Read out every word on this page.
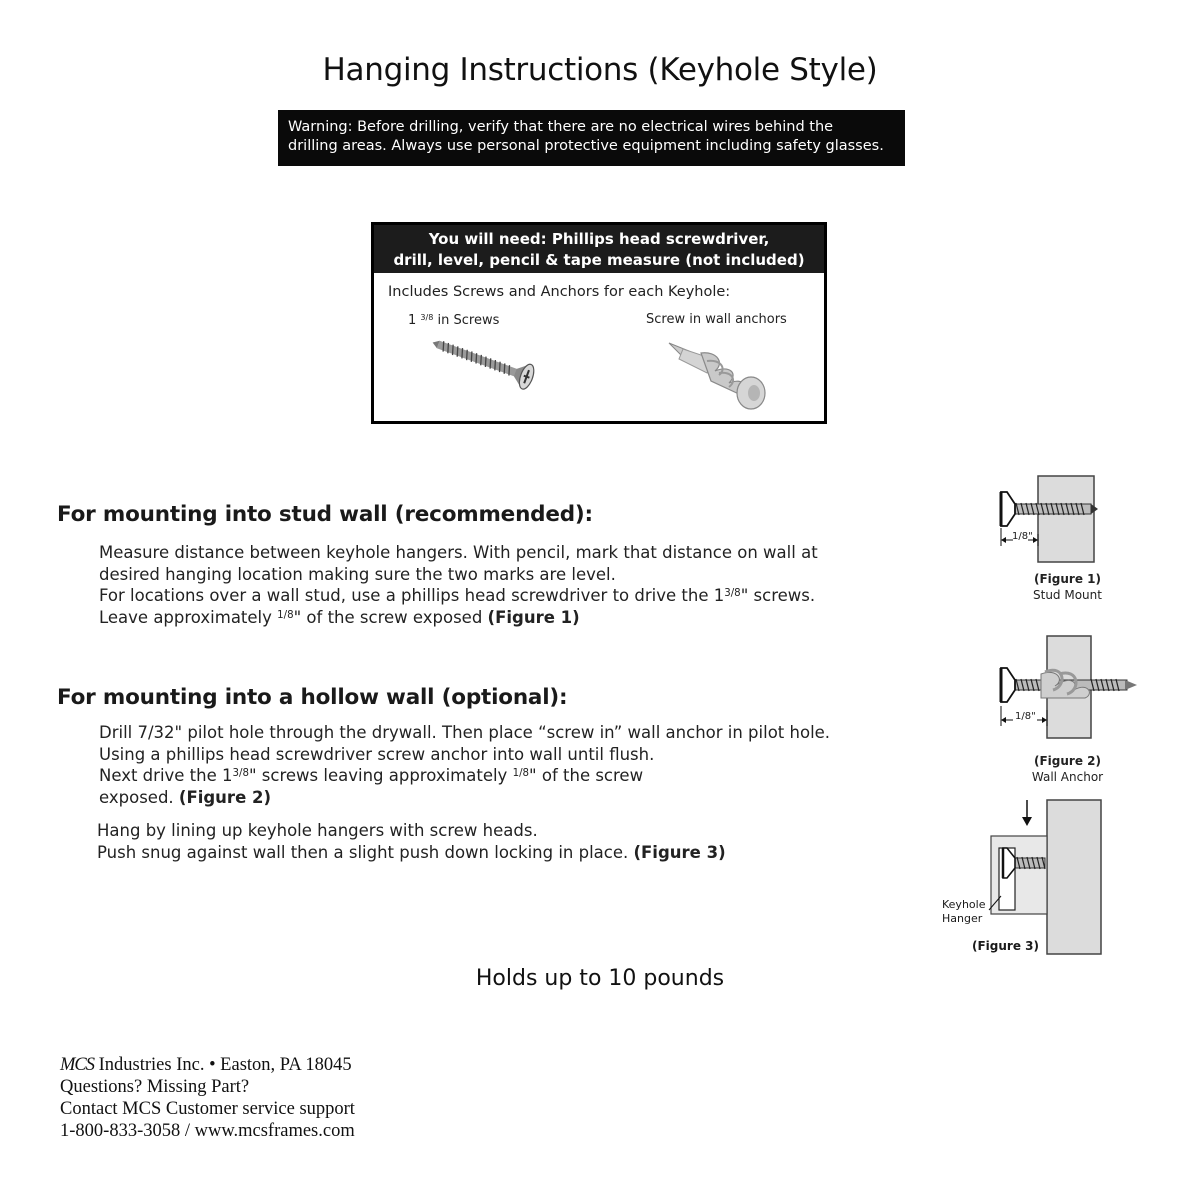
Hanging Instructions (Keyhole Style)
Warning: Before drilling, verify that there are no electrical wires behind the
drilling areas. Always use personal protective equipment including safety glasses.
You will need: Phillips head screwdriver,
drill, level, pencil & tape measure (not included)
Includes Screws and Anchors for each Keyhole:
1 $^{3/8}$ in Screws	Screw in wall anchors
For mounting into stud wall (recommended):
Measure distance between keyhole hangers. With pencil, mark that distance on wall at
desired hanging location making sure the two marks are level.
For locations over a wall stud, use a phillips head screwdriver to drive the $1^{3/8}$" screws.
Leave approximately $^{1/8}$" of the screw exposed (Figure 1)
For mounting into a hollow wall (optional):
Drill 7/32" pilot hole through the drywall. Then place “screw in” wall anchor in pilot hole.
Using a phillips head screwdriver screw anchor into wall until flush.
Next drive the $1^{3/8}$" screws leaving approximately $^{1/8}$" of the screw
exposed. (Figure 2)
Hang by lining up keyhole hangers with screw heads.
Push snug against wall then a slight push down locking in place. (Figure 3)
1/8"
(Figure 1)
Stud Mount
1/8"
(Figure 2)
Wall Anchor
Keyhole
Hanger
(Figure 3)
Holds up to 10 pounds
MCS Industries Inc. • Easton, PA 18045
Questions? Missing Part?
Contact MCS Customer service support
1-800-833-3058 / www.mcsframes.com
